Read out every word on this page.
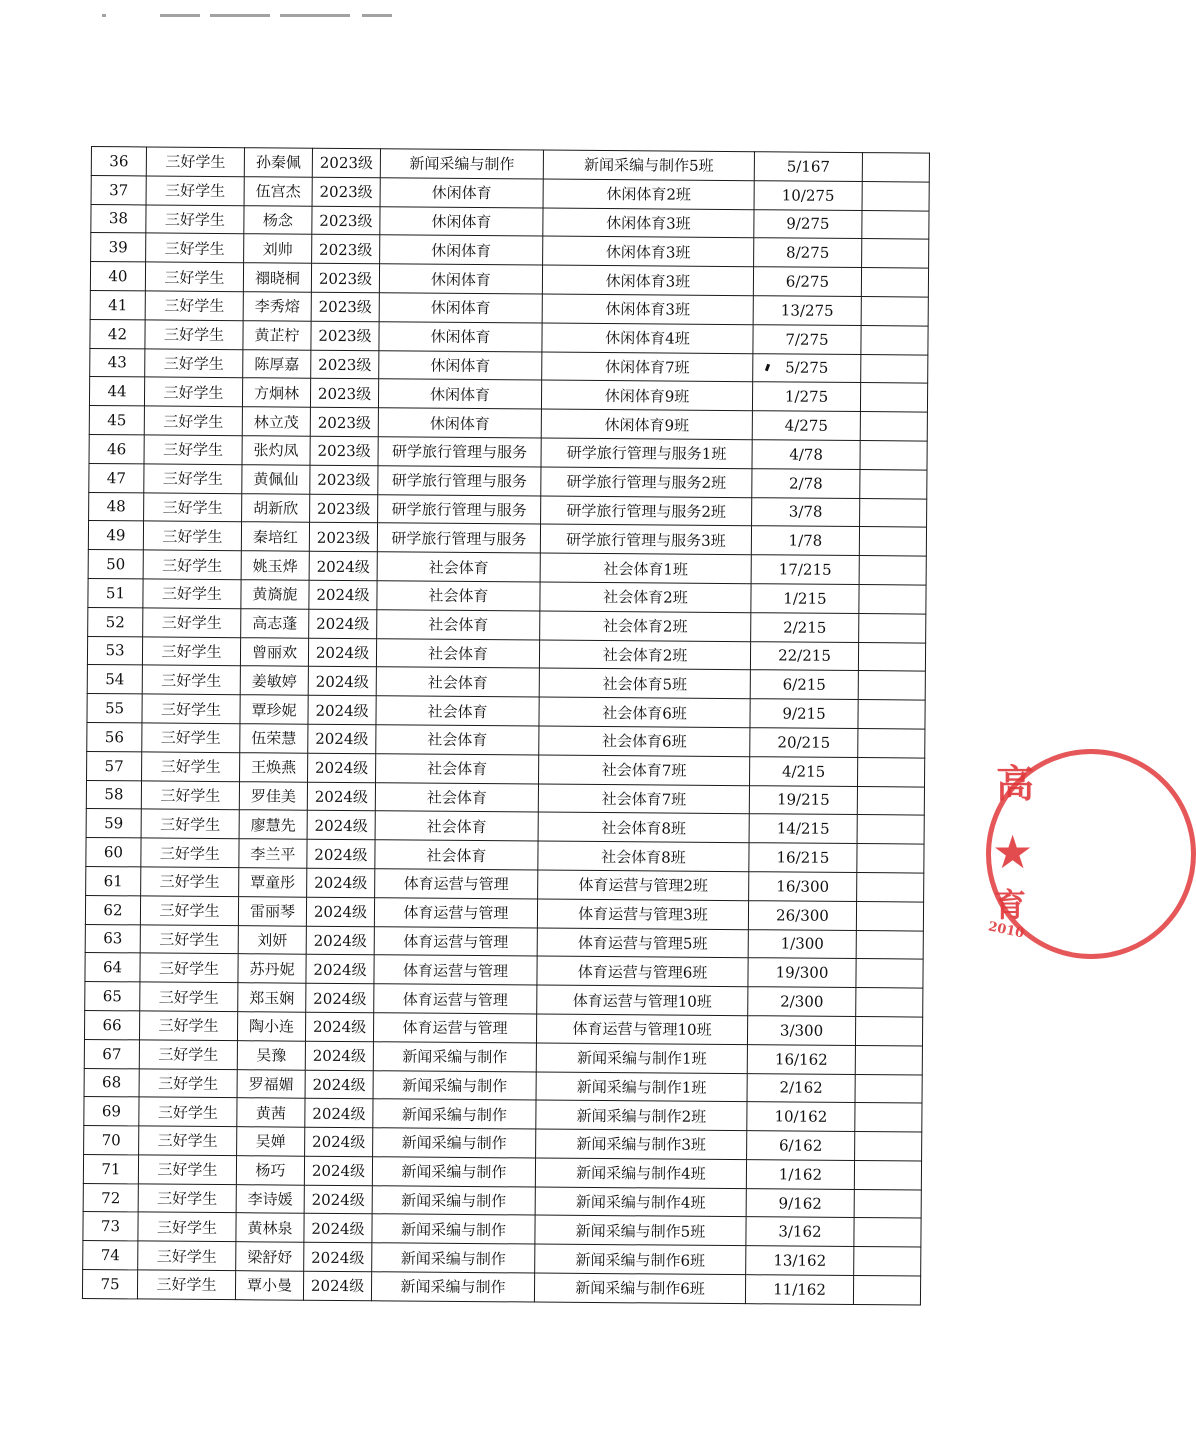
36	三好学生	孙秦佩	2023级	新闻采编与制作	新闻采编与制作5班	5/167	
37	三好学生	伍宫杰	2023级	休闲体育	休闲体育2班	10/275	
38	三好学生	杨念	2023级	休闲体育	休闲体育3班	9/275	
39	三好学生	刘帅	2023级	休闲体育	休闲体育3班	8/275	
40	三好学生	禤晓桐	2023级	休闲体育	休闲体育3班	6/275	
41	三好学生	李秀熔	2023级	休闲体育	休闲体育3班	13/275	
42	三好学生	黄芷柠	2023级	休闲体育	休闲体育4班	7/275	
43	三好学生	陈厚嘉	2023级	休闲体育	休闲体育7班	5/275	
44	三好学生	方炯林	2023级	休闲体育	休闲体育9班	1/275	
45	三好学生	林立茂	2023级	休闲体育	休闲体育9班	4/275	
46	三好学生	张灼凤	2023级	研学旅行管理与服务	研学旅行管理与服务1班	4/78	
47	三好学生	黄佩仙	2023级	研学旅行管理与服务	研学旅行管理与服务2班	2/78	
48	三好学生	胡新欣	2023级	研学旅行管理与服务	研学旅行管理与服务2班	3/78	
49	三好学生	秦培红	2023级	研学旅行管理与服务	研学旅行管理与服务3班	1/78	
50	三好学生	姚玉烨	2024级	社会体育	社会体育1班	17/215	
51	三好学生	黄旖旎	2024级	社会体育	社会体育2班	1/215	
52	三好学生	高志蓬	2024级	社会体育	社会体育2班	2/215	
53	三好学生	曾丽欢	2024级	社会体育	社会体育2班	22/215	
54	三好学生	姜敏婷	2024级	社会体育	社会体育5班	6/215	
55	三好学生	覃珍妮	2024级	社会体育	社会体育6班	9/215	
56	三好学生	伍荣慧	2024级	社会体育	社会体育6班	20/215	
57	三好学生	王焕燕	2024级	社会体育	社会体育7班	4/215	
58	三好学生	罗佳美	2024级	社会体育	社会体育7班	19/215	
59	三好学生	廖慧先	2024级	社会体育	社会体育8班	14/215	
60	三好学生	李兰平	2024级	社会体育	社会体育8班	16/215	
61	三好学生	覃童彤	2024级	体育运营与管理	体育运营与管理2班	16/300	
62	三好学生	雷丽琴	2024级	体育运营与管理	体育运营与管理3班	26/300	
63	三好学生	刘妍	2024级	体育运营与管理	体育运营与管理5班	1/300	
64	三好学生	苏丹妮	2024级	体育运营与管理	体育运营与管理6班	19/300	
65	三好学生	郑玉娴	2024级	体育运营与管理	体育运营与管理10班	2/300	
66	三好学生	陶小连	2024级	体育运营与管理	体育运营与管理10班	3/300	
67	三好学生	吴豫	2024级	新闻采编与制作	新闻采编与制作1班	16/162	
68	三好学生	罗福媚	2024级	新闻采编与制作	新闻采编与制作1班	2/162	
69	三好学生	黄茜	2024级	新闻采编与制作	新闻采编与制作2班	10/162	
70	三好学生	吴婵	2024级	新闻采编与制作	新闻采编与制作3班	6/162	
71	三好学生	杨巧	2024级	新闻采编与制作	新闻采编与制作4班	1/162	
72	三好学生	李诗媛	2024级	新闻采编与制作	新闻采编与制作4班	9/162	
73	三好学生	黄林泉	2024级	新闻采编与制作	新闻采编与制作5班	3/162	
74	三好学生	梁舒妤	2024级	新闻采编与制作	新闻采编与制作6班	13/162	
75	三好学生	覃小曼	2024级	新闻采编与制作	新闻采编与制作6班	11/162	
高
★
育
2010
